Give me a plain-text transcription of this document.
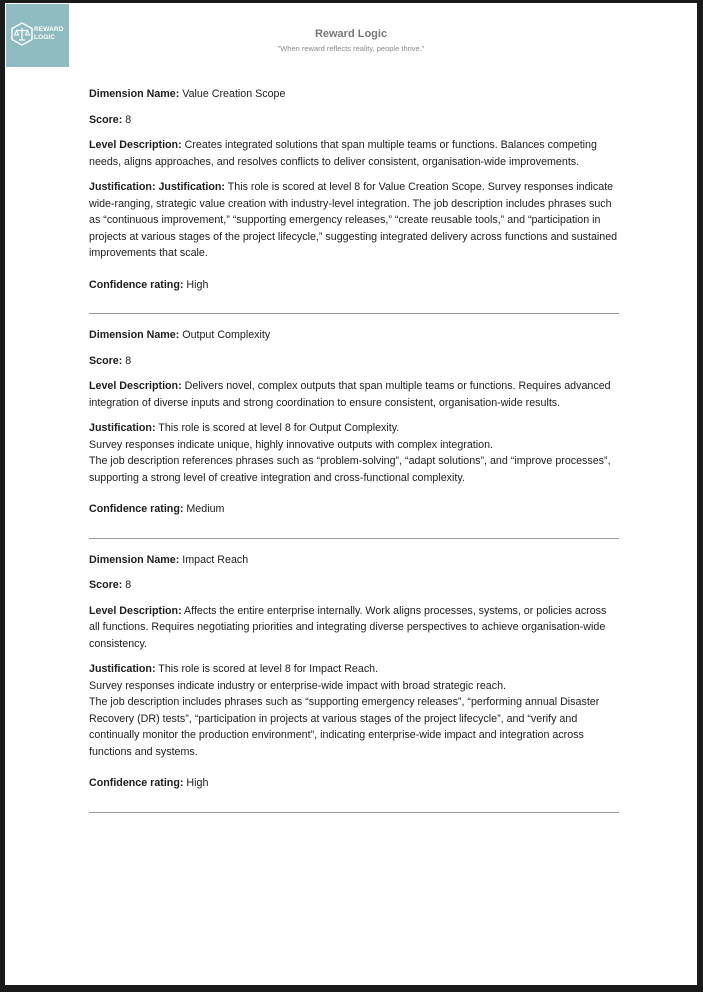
REWARD
LOGIC	Reward Logic
"When reward reflects reality, people thrive."

Dimension Name: Value Creation Scope

Score: 8

Level Description: Creates integrated solutions that span multiple teams or functions. Balances competing needs, aligns approaches, and resolves conflicts to deliver consistent, organisation-wide improvements.

Justification: Justification: This role is scored at level 8 for Value Creation Scope. Survey responses indicate wide-ranging, strategic value creation with industry-level integration. The job description includes phrases such as “continuous improvement,” “supporting emergency releases,” “create reusable tools,” and “participation in projects at various stages of the project lifecycle,” suggesting integrated delivery across functions and sustained improvements that scale.

Confidence rating: High

Dimension Name: Output Complexity

Score: 8

Level Description: Delivers novel, complex outputs that span multiple teams or functions. Requires advanced integration of diverse inputs and strong coordination to ensure consistent, organisation-wide results.

Justification: This role is scored at level 8 for Output Complexity.
Survey responses indicate unique, highly innovative outputs with complex integration.
The job description references phrases such as “problem-solving”, “adapt solutions”, and “improve processes”, supporting a strong level of creative integration and cross-functional complexity.

Confidence rating: Medium

Dimension Name: Impact Reach

Score: 8

Level Description: Affects the entire enterprise internally. Work aligns processes, systems, or policies across all functions. Requires negotiating priorities and integrating diverse perspectives to achieve organisation-wide consistency.

Justification: This role is scored at level 8 for Impact Reach.
Survey responses indicate industry or enterprise-wide impact with broad strategic reach.
The job description includes phrases such as “supporting emergency releases”, “performing annual Disaster Recovery (DR) tests”, “participation in projects at various stages of the project lifecycle”, and “verify and continually monitor the production environment”, indicating enterprise-wide impact and integration across functions and systems.

Confidence rating: High
